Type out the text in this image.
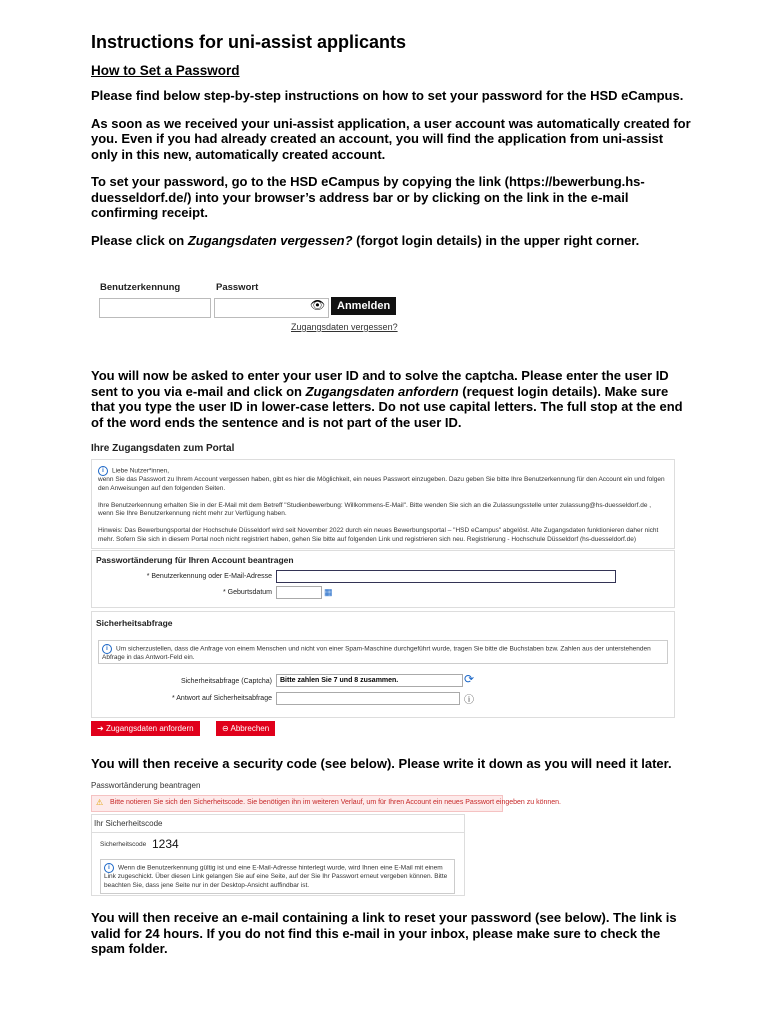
Instructions for uni-assist applicants
How to Set a Password

Please find below step-by-step instructions on how to set your password for the HSD eCampus.

As soon as we received your uni-assist application, a user account was automatically created for you. Even if you had already created an account, you will find the application from uni-assist only in this new, automatically created account.

To set your password, go to the HSD eCampus by copying the link (https://bewerbung.hs-duesseldorf.de/) into your browser’s address bar or by clicking on the link in the e-mail confirming receipt.

Please click on Zugangsdaten vergessen? (forgot login details) in the upper right corner.

Benutzerkennung	Passwort
👁	Anmelden
Zugangsdaten vergessen?

You will now be asked to enter your user ID and to solve the captcha. Please enter the user ID sent to you via e-mail and click on Zugangsdaten anfordern (request login details). Make sure that you type the user ID in lower-case letters. Do not use capital letters. The full stop at the end of the word ends the sentence and is not part of the user ID.

Ihre Zugangsdaten zum Portal
i Liebe Nutzer*innen,
wenn Sie das Passwort zu Ihrem Account vergessen haben, gibt es hier die Möglichkeit, ein neues Passwort einzugeben. Dazu geben Sie bitte Ihre Benutzerkennung für den Account ein und folgen den Anweisungen auf den folgenden Seiten.

Ihre Benutzerkennung erhalten Sie in der E-Mail mit dem Betreff "Studienbewerbung: Willkommens-E-Mail". Bitte wenden Sie sich an die Zulassungsstelle unter zulassung@hs-duesseldorf.de , wenn Sie Ihre Benutzerkennung nicht mehr zur Verfügung haben.

Hinweis: Das Bewerbungsportal der Hochschule Düsseldorf wird seit November 2022 durch ein neues Bewerbungsportal – "HSD eCampus" abgelöst. Alte Zugangsdaten funktionieren daher nicht mehr. Sofern Sie sich in diesem Portal noch nicht registriert haben, gehen Sie bitte auf folgenden Link und registrieren sich neu. Registrierung - Hochschule Düsseldorf (hs-duesseldorf.de)
Passwortänderung für Ihren Account beantragen
* Benutzerkennung oder E-Mail-Adresse
* Geburtsdatum	▦
Sicherheitsabfrage
i Um sicherzustellen, dass die Anfrage von einem Menschen und nicht von einer Spam-Maschine durchgeführt wurde, tragen Sie bitte die Buchstaben bzw. Zahlen aus der unterstehenden Abfrage in das Antwort-Feld ein.
Sicherheitsabfrage (Captcha)	Bitte zahlen Sie 7 und 8 zusammen.	⟳
* Antwort auf Sicherheitsabfrage	ⓘ
➜ Zugangsdaten anfordern	⊖ Abbrechen

You will then receive a security code (see below). Please write it down as you will need it later.

Passwortänderung beantragen
⚠ Bitte notieren Sie sich den Sicherheitscode. Sie benötigen ihn im weiteren Verlauf, um für Ihren Account ein neues Passwort eingeben zu können.
Ihr Sicherheitscode
Sicherheitscode 1234
i Wenn die Benutzerkennung gültig ist und eine E-Mail-Adresse hinterlegt wurde, wird Ihnen eine E-Mail mit einem Link zugeschickt. Über diesen Link gelangen Sie auf eine Seite, auf der Sie Ihr Passwort erneut vergeben können. Bitte beachten Sie, dass jene Seite nur in der Desktop-Ansicht auffindbar ist.

You will then receive an e-mail containing a link to reset your password (see below). The link is valid for 24 hours. If you do not find this e-mail in your inbox, please make sure to check the spam folder.
